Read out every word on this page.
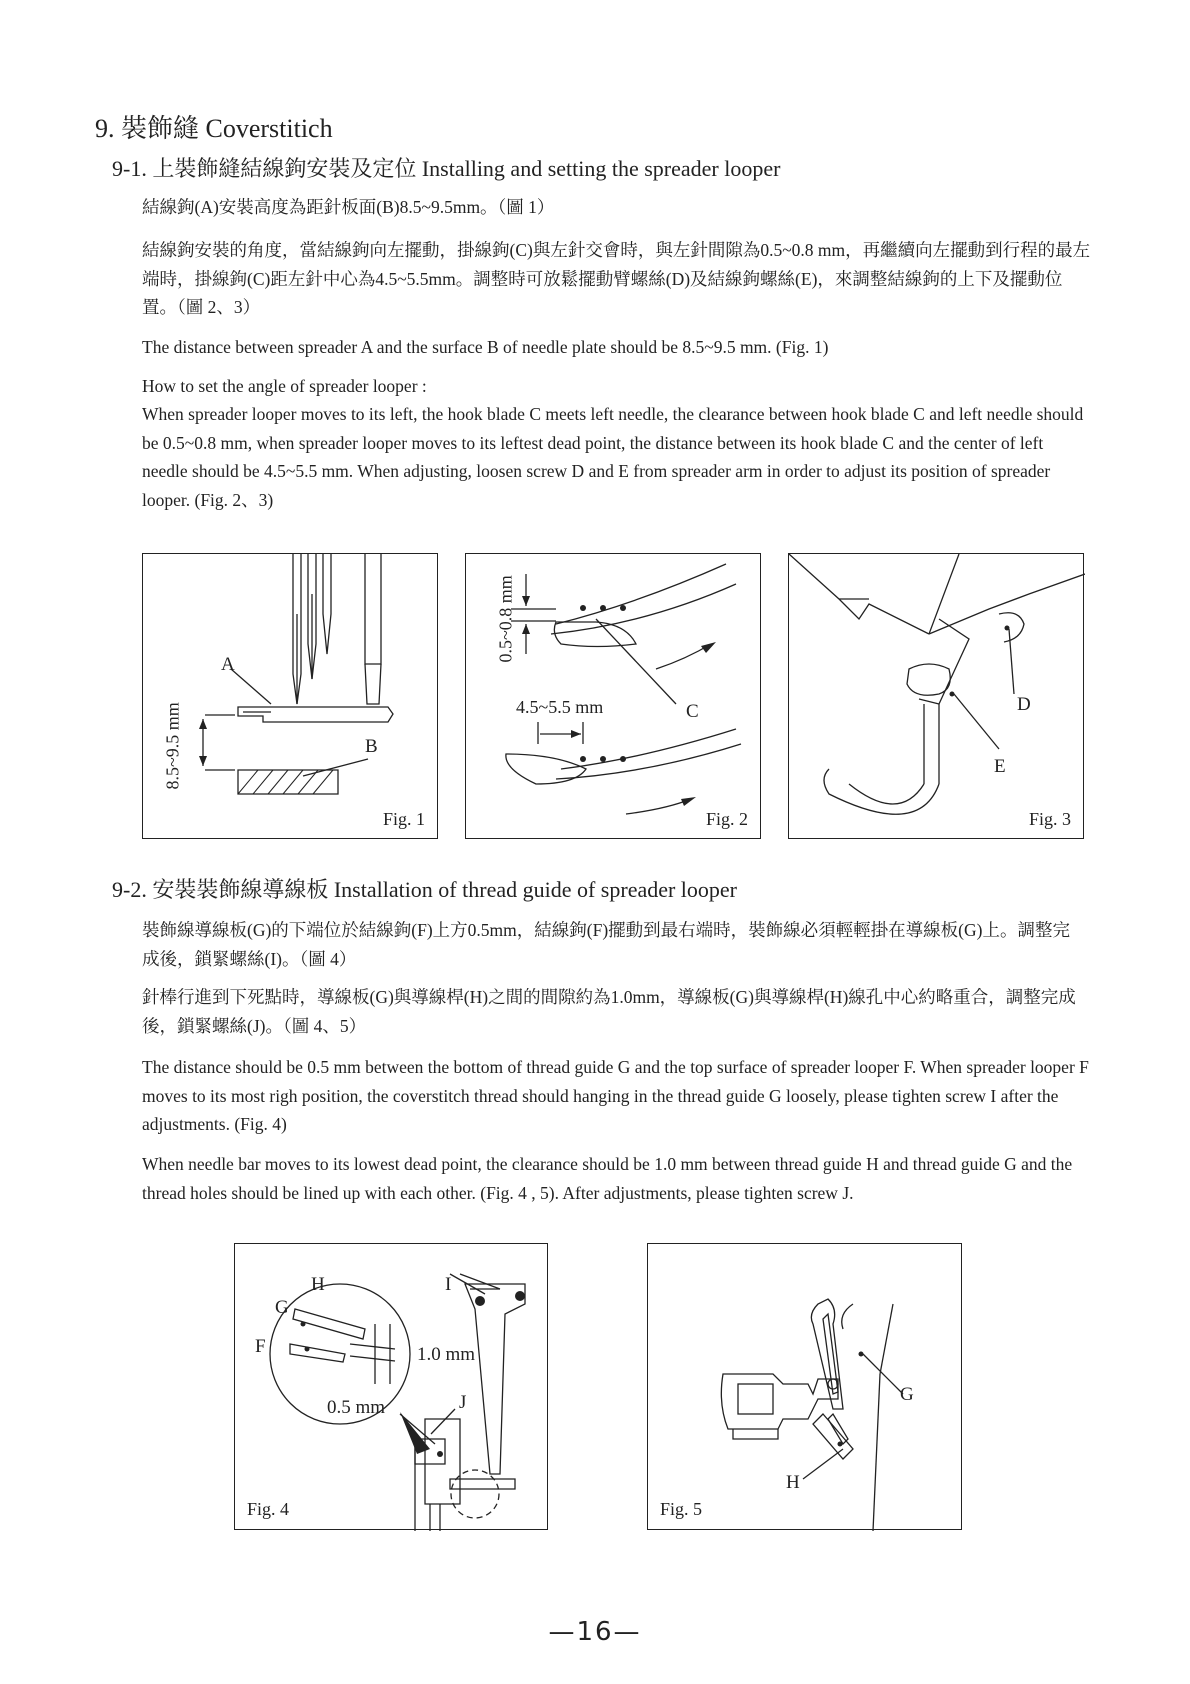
9. 裝飾縫 Coverstitich
9-1. 上裝飾縫結線鉤安裝及定位 Installing and setting the spreader looper

結線鉤(A)安裝高度為距針板面(B)8.5~9.5mm。（圖 1）

結線鉤安裝的角度，當結線鉤向左擺動，掛線鉤(C)與左針交會時，與左針間隙為0.5~0.8 mm，再繼續向左擺動到行程的最左端時，掛線鉤(C)距左針中心為4.5~5.5mm。調整時可放鬆擺動臂螺絲(D)及結線鉤螺絲(E)，來調整結線鉤的上下及擺動位置。（圖 2、3）

The distance between spreader A and the surface B of needle plate should be 8.5~9.5 mm. (Fig. 1)

How to set the angle of spreader looper :

When spreader looper moves to its left, the hook blade C meets left needle, the clearance between hook blade C and left needle should be 0.5~0.8 mm, when spreader looper moves to its leftest dead point, the distance between its hook blade C and the center of left needle should be 4.5~5.5 mm. When adjusting, loosen screw D and E from spreader arm in order to adjust its position of spreader looper. (Fig. 2、3)

A
B
8.5~9.5 mm
Fig. 1
0.5~0.8 mm
4.5~5.5 mm	C
Fig. 2
D
E
Fig. 3
9-2. 安裝裝飾線導線板 Installation of thread guide of spreader looper

裝飾線導線板(G)的下端位於結線鉤(F)上方0.5mm，結線鉤(F)擺動到最右端時，裝飾線必須輕輕掛在導線板(G)上。調整完成後，鎖緊螺絲(I)。（圖 4）

針棒行進到下死點時，導線板(G)與導線桿(H)之間的間隙約為1.0mm，導線板(G)與導線桿(H)線孔中心約略重合，調整完成後，鎖緊螺絲(J)。（圖 4、5）

The distance should be 0.5 mm between the bottom of thread guide G and the top surface of spreader looper F. When spreader looper F moves to its most righ position, the coverstitch thread should hanging in the thread guide G loosely, please tighten screw I after the adjustments. (Fig. 4)

When needle bar moves to its lowest dead point, the clearance should be 1.0 mm between thread guide H and thread guide G and the thread holes should be lined up with each other. (Fig. 4 , 5). After adjustments, please tighten screw J.

H	I
G
F	1.0 mm
J
0.5 mm
Fig. 4
G
H
Fig. 5
—16—
